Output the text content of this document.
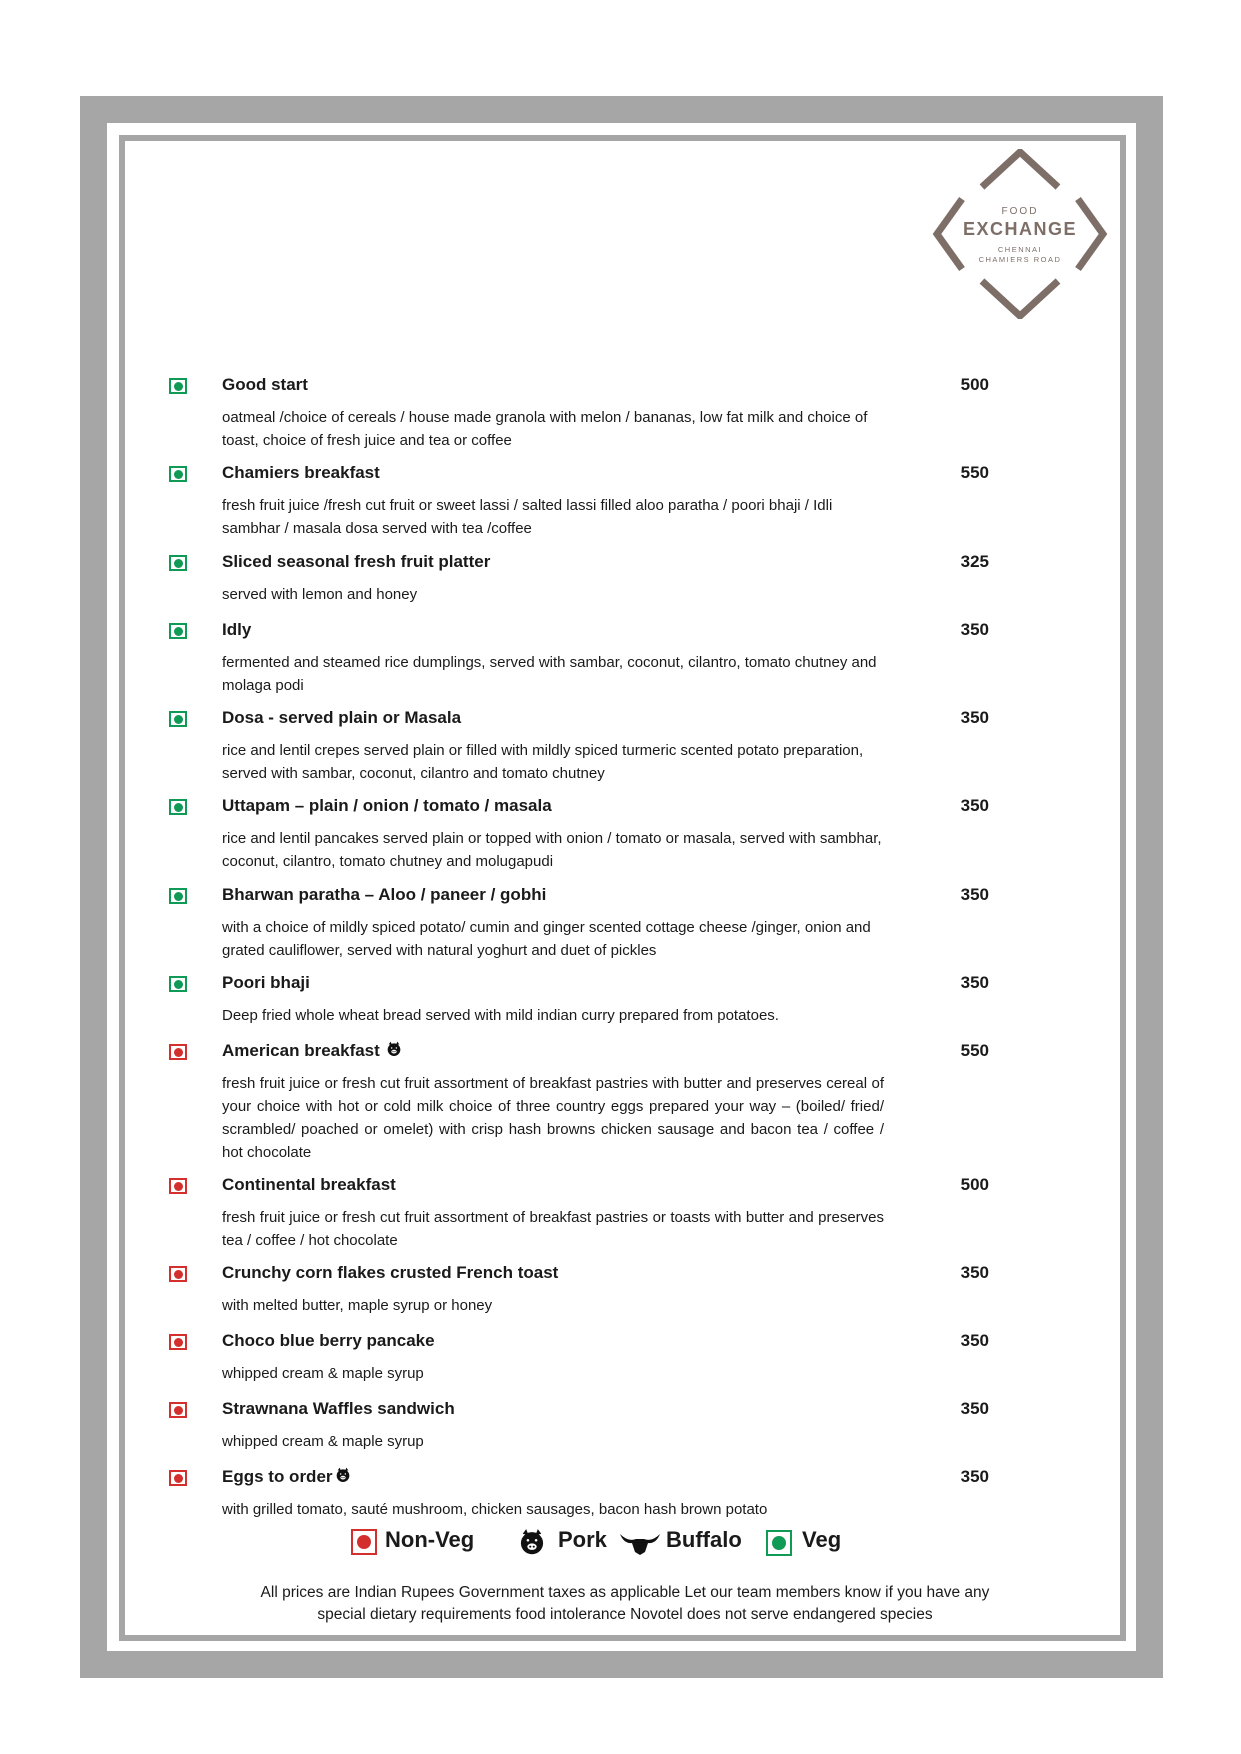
FOOD
EXCHANGE
CHENNAI
CHAMIERS ROAD
Good start	500
oatmeal /choice of cereals / house made granola with melon / bananas, low fat milk and choice of toast, choice of fresh juice and tea or coffee
Chamiers breakfast	550
fresh fruit juice /fresh cut fruit or sweet lassi / salted lassi filled aloo paratha / poori bhaji / Idli sambhar / masala dosa served with tea /coffee
Sliced seasonal fresh fruit platter	325
served with lemon and honey
Idly	350
fermented and steamed rice dumplings, served with sambar, coconut, cilantro, tomato chutney and molaga podi
Dosa - served plain or Masala	350
rice and lentil crepes served plain or filled with mildly spiced turmeric scented potato preparation, served with sambar, coconut, cilantro and tomato chutney
Uttapam – plain / onion / tomato / masala	350
rice and lentil pancakes served plain or topped with onion / tomato or masala, served with sambhar, coconut, cilantro, tomato chutney and molugapudi
Bharwan paratha – Aloo / paneer / gobhi	350
with a choice of mildly spiced potato/ cumin and ginger scented cottage cheese /ginger, onion and grated cauliflower, served with natural yoghurt and duet of pickles
Poori bhaji	350
Deep fried whole wheat bread served with mild indian curry prepared from potatoes.
American breakfast	550
fresh fruit juice or fresh cut fruit assortment of breakfast pastries with butter and preserves cereal of your choice with hot or cold milk choice of three country eggs prepared your way – (boiled/ fried/ scrambled/ poached or omelet) with crisp hash browns chicken sausage and bacon tea / coffee / hot chocolate
Continental breakfast	500
fresh fruit juice or fresh cut fruit assortment of breakfast pastries or toasts with butter and preserves tea / coffee / hot chocolate
Crunchy corn flakes crusted French toast	350
with melted butter, maple syrup or honey
Choco blue berry pancake	350
whipped cream & maple syrup
Strawnana Waffles sandwich	350
whipped cream & maple syrup
Eggs to order	350
with grilled tomato, sauté mushroom, chicken sausages, bacon hash brown potato
Non-Veg	Pork	Buffalo	Veg
All prices are Indian Rupees Government taxes as applicable Let our team members know if you have any
special dietary requirements food intolerance Novotel does not serve endangered species
